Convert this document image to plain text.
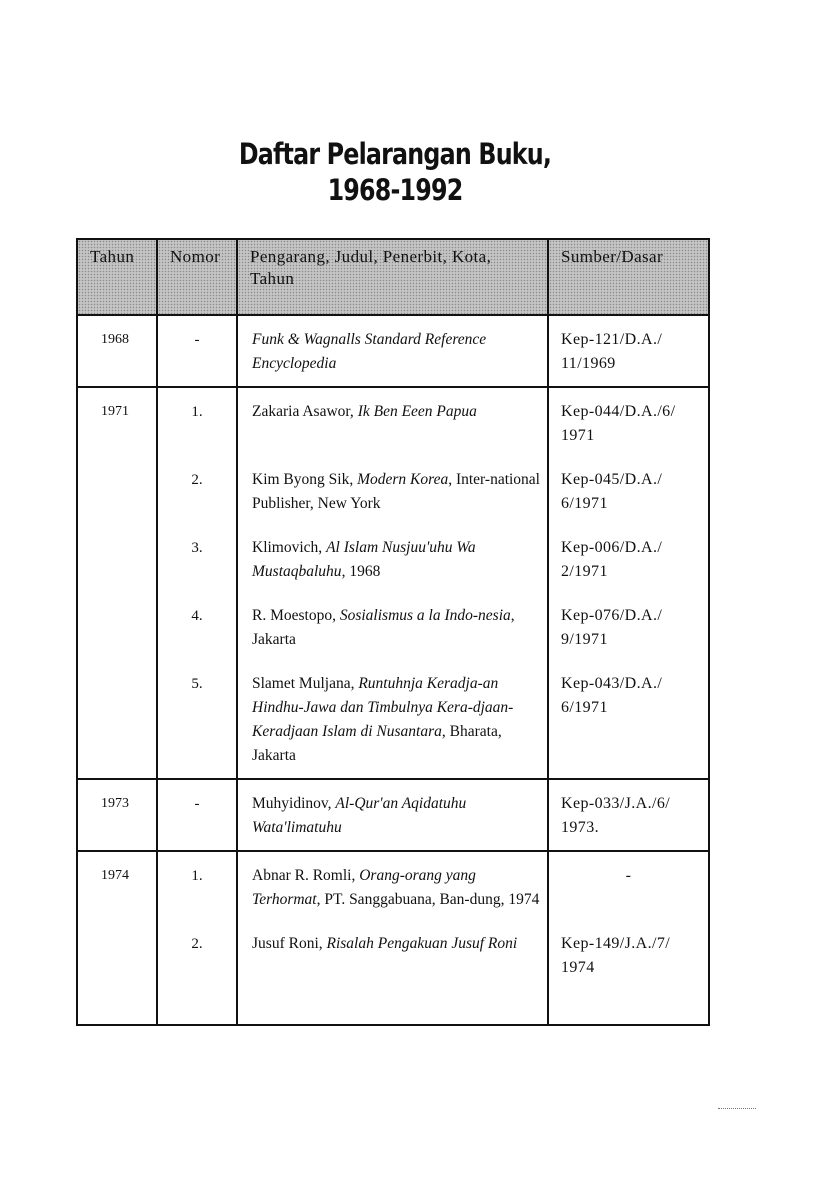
Daftar Pelarangan Buku,
1968-1992
Tahun	Nomor	Pengarang, Judul, Penerbit, Kota, Tahun	Sumber/Dasar
1968	-	Funk & Wagnalls Standard Reference Encyclopedia	Kep-121/D.A./ 11/1969
1971	1.	Zakaria Asawor, Ik Ben Eeen Papua	Kep-044/D.A./6/ 1971
	2.	Kim Byong Sik, Modern Korea, Inter-national Publisher, New York	Kep-045/D.A./ 6/1971
	3.	Klimovich, Al Islam Nusjuu'uhu Wa Mustaqbaluhu, 1968	Kep-006/D.A./ 2/1971
	4.	R. Moestopo, Sosialismus a la Indo-nesia, Jakarta	Kep-076/D.A./ 9/1971
	5.	Slamet Muljana, Runtuhnja Keradja-an Hindhu-Jawa dan Timbulnya Kera-djaan-Keradjaan Islam di Nusantara, Bharata, Jakarta	Kep-043/D.A./ 6/1971
1973	-	Muhyidinov, Al-Qur'an Aqidatuhu Wata'limatuhu	Kep-033/J.A./6/ 1973.
1974	1.	Abnar R. Romli, Orang-orang yang Terhormat, PT. Sanggabuana, Ban-dung, 1974	-
	2.	Jusuf Roni, Risalah Pengakuan Jusuf Roni	Kep-149/J.A./7/ 1974
